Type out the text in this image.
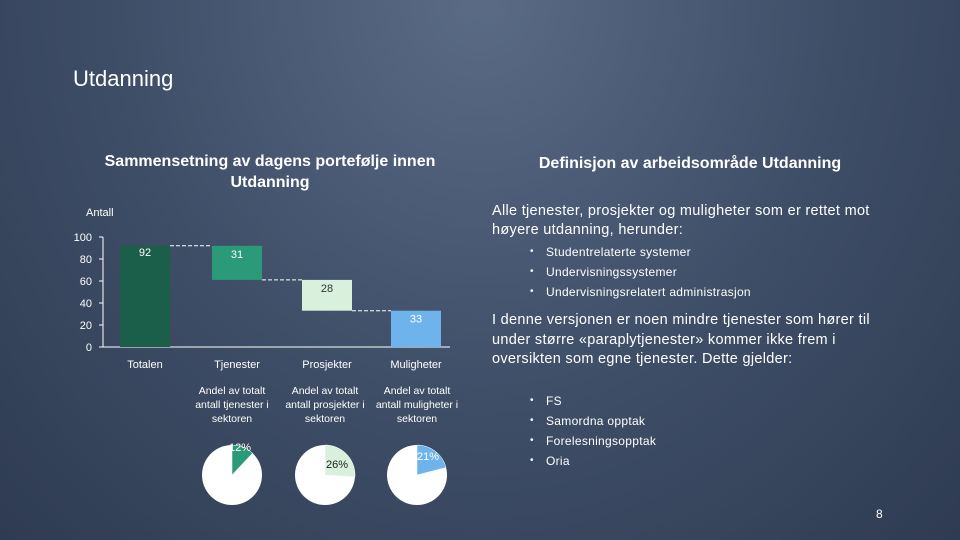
Utdanning
Sammensetning av dagens portefølje innen Utdanning
Definisjon av arbeidsområde Utdanning
Antall
0
20
40
60
80
100
92
Totalen
31
Tjenester
28
Prosjekter
33
Muligheter
Andel av totalt
antall tjenester i
sektoren
12%
Andel av totalt
antall prosjekter i
sektoren
26%
Andel av totalt
antall muligheter i
sektoren
21%
Alle tjenester, prosjekter og muligheter som er rettet mot høyere utdanning, herunder:
• Studentrelaterte systemer
• Undervisningssystemer
• Undervisningsrelatert administrasjon
I denne versjonen er noen mindre tjenester som hører til under større «paraplytjenester» kommer ikke frem i oversikten som egne tjenester. Dette gjelder:
• FS
• Samordna opptak
• Forelesningsopptak
• Oria
8
